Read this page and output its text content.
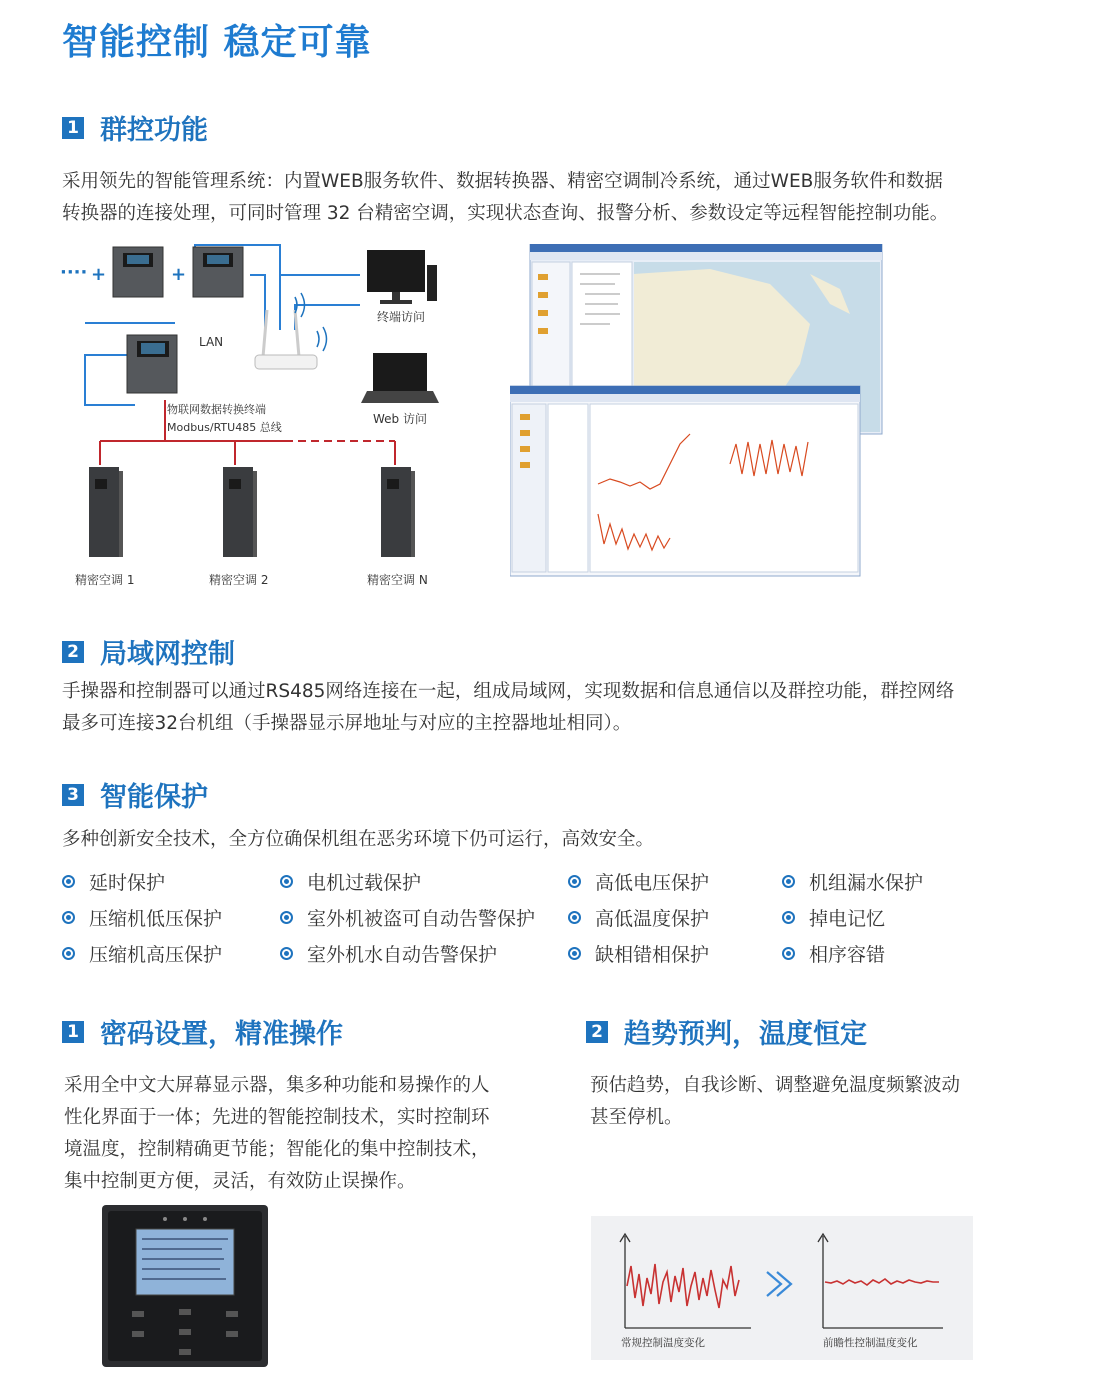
智能控制 稳定可靠
1 群控功能
采用领先的智能管理系统：内置WEB服务软件、数据转换器、精密空调制冷系统，通过WEB服务软件和数据
转换器的连接处理，可同时管理 32 台精密空调，实现状态查询、报警分析、参数设定等远程智能控制功能。
···· +	+
LAN
终端访问
Web 访问
物联网数据转换终端
Modbus/RTU485 总线
精密空调 1	精密空调 2	精密空调 N
2 局域网控制
手操器和控制器可以通过RS485网络连接在一起，组成局域网，实现数据和信息通信以及群控功能，群控网络
最多可连接32台机组（手操器显示屏地址与对应的主控器地址相同）。
3 智能保护
多种创新安全技术，全方位确保机组在恶劣环境下仍可运行，高效安全。
延时保护	电机过载保护	高低电压保护	机组漏水保护
压缩机低压保护	室外机被盗可自动告警保护	高低温度保护	掉电记忆
压缩机高压保护	室外机水自动告警保护	缺相错相保护	相序容错
1 密码设置，精准操作
采用全中文大屏幕显示器，集多种功能和易操作的人
性化界面于一体；先进的智能控制技术，实时控制环
境温度，控制精确更节能；智能化的集中控制技术，
集中控制更方便，灵活，有效防止误操作。
2 趋势预判，温度恒定
预估趋势，自我诊断、调整避免温度频繁波动
甚至停机。
常规控制温度变化	前瞻性控制温度变化
